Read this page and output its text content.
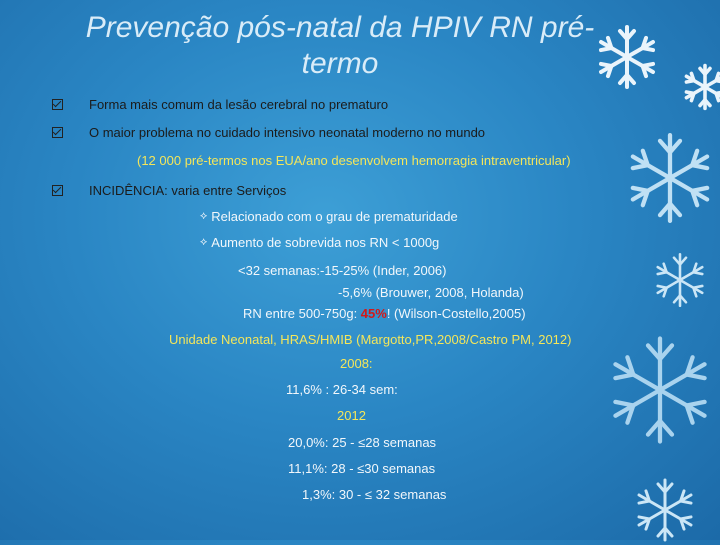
Prevenção pós-natal da HPIV RN pré-
termo
Forma mais comum da lesão cerebral no prematuro
O maior problema no cuidado intensivo neonatal moderno no mundo
(12 000 pré-termos nos EUA/ano desenvolvem hemorragia intraventricular)
INCIDÊNCIA: varia entre Serviços
⟡ Relacionado com o grau de prematuridade
⟡ Aumento de sobrevida nos RN < 1000g
<32 semanas:-15-25% (Inder, 2006)
-5,6% (Brouwer, 2008, Holanda)
RN entre 500-750g: 45%! (Wilson-Costello,2005)
Unidade Neonatal, HRAS/HMIB (Margotto,PR,2008/Castro PM, 2012)
2008:
11,6% : 26-34 sem:
2012
20,0%: 25 - ≤28 semanas
11,1%: 28 - ≤30 semanas
1,3%: 30 - ≤ 32 semanas
